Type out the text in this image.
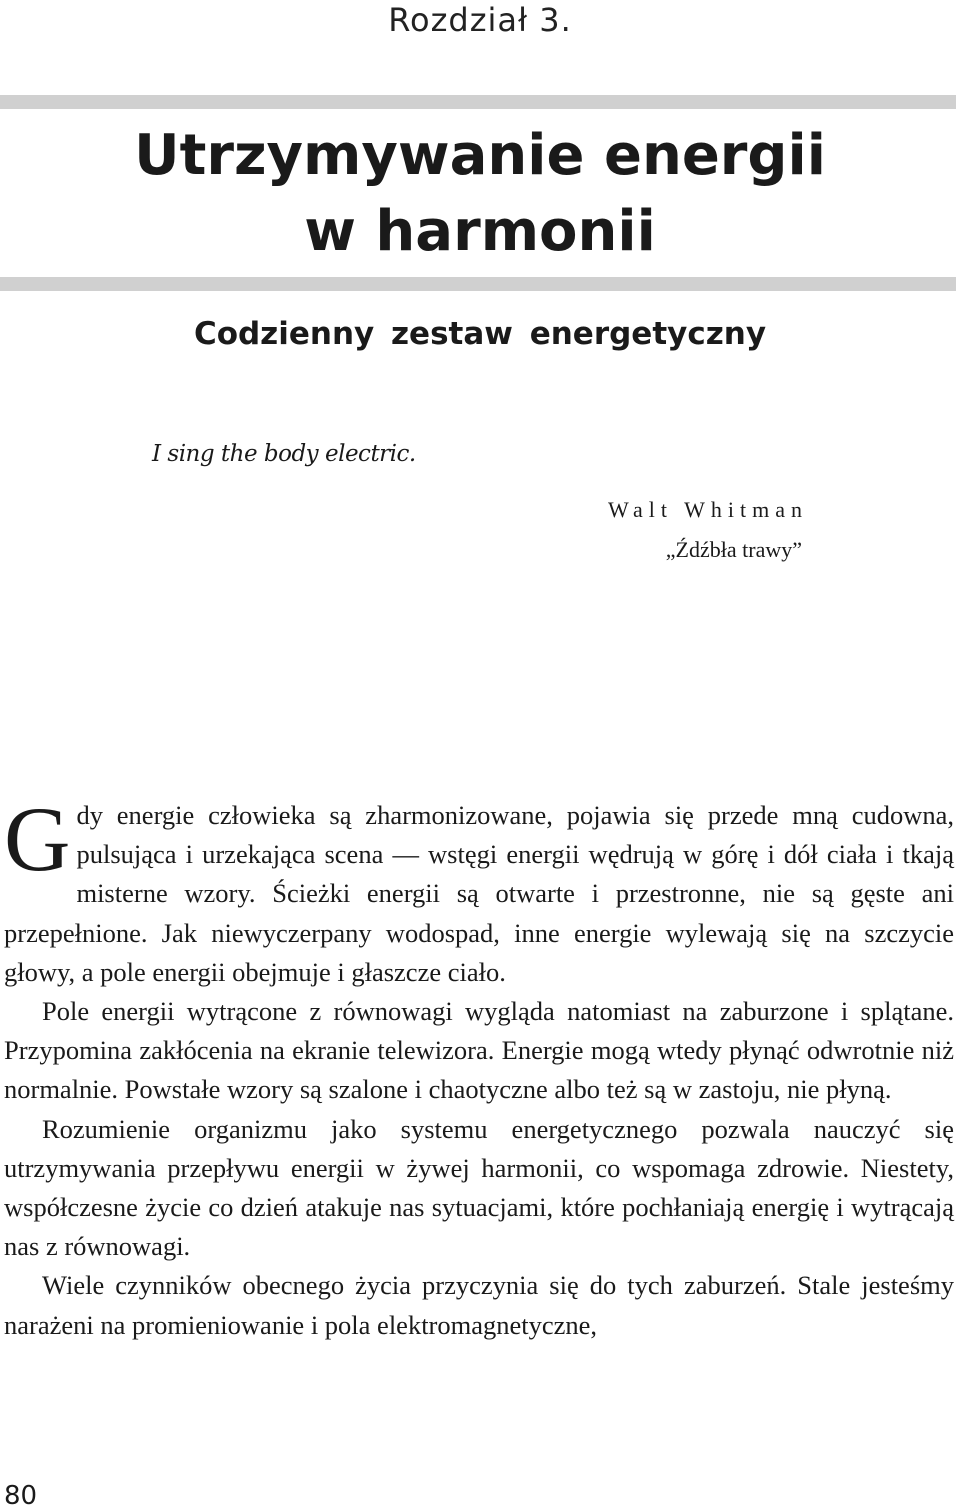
Rozdział 3.
Utrzymywanie energii
w harmonii
Codzienny zestaw energetyczny
I sing the body electric.
Walt Whitman
„Źdźbła trawy”

Gdy energie człowieka są zharmonizowane, pojawia się przede mną cudowna, pulsująca i urzekająca scena — wstęgi energii wędrują w górę i dół ciała i tkają misterne wzory. Ścieżki energii są otwarte i przestronne, nie są gęste ani przepełnione. Jak niewyczerpany wodospad, inne energie wylewają się na szczycie głowy, a pole energii obejmuje i głaszcze ciało.

Pole energii wytrącone z równowagi wygląda natomiast na zaburzone i splątane. Przypomina zakłócenia na ekranie telewizora. Energie mogą wtedy płynąć odwrotnie niż normalnie. Powstałe wzory są szalone i chaotyczne albo też są w zastoju, nie płyną.

Rozumienie organizmu jako systemu energetycznego pozwala nauczyć się utrzymywania przepływu energii w żywej harmonii, co wspomaga zdrowie. Niestety, współczesne życie co dzień atakuje nas sytuacjami, które pochłaniają energię i wytrącają nas z równowagi.

Wiele czynników obecnego życia przyczynia się do tych zaburzeń. Stale jesteśmy narażeni na promieniowanie i pola elektromagnetyczne,

80
